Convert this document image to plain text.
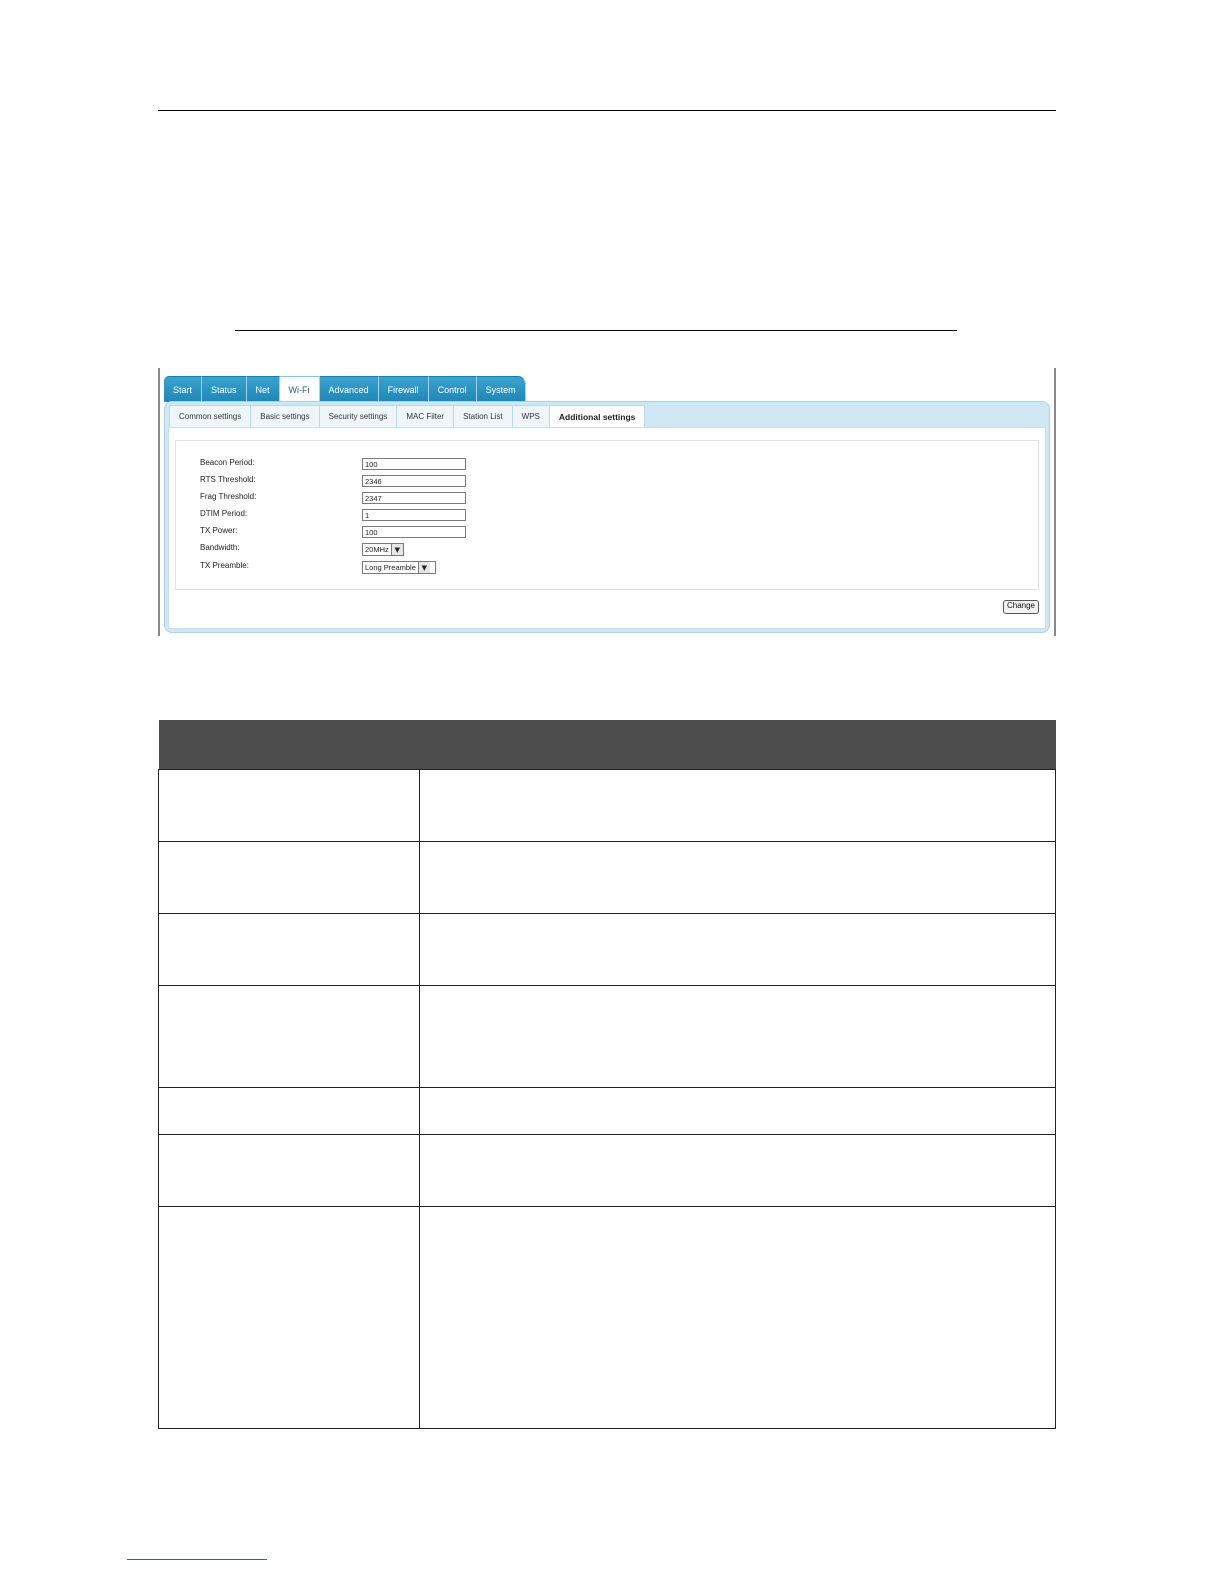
Start	Status	Net	Wi-Fi	Advanced	Firewall	Control	System
Common settings	Basic settings	Security settings	MAC Filter	Station List	WPS	Additional settings
Beacon Period:	100
RTS Threshold:	2346
Frag Threshold:	2347
DTIM Period:	1
TX Power:	100
Bandwidth:	20MHz ▼
TX Preamble:	Long Preamble ▼
Change
